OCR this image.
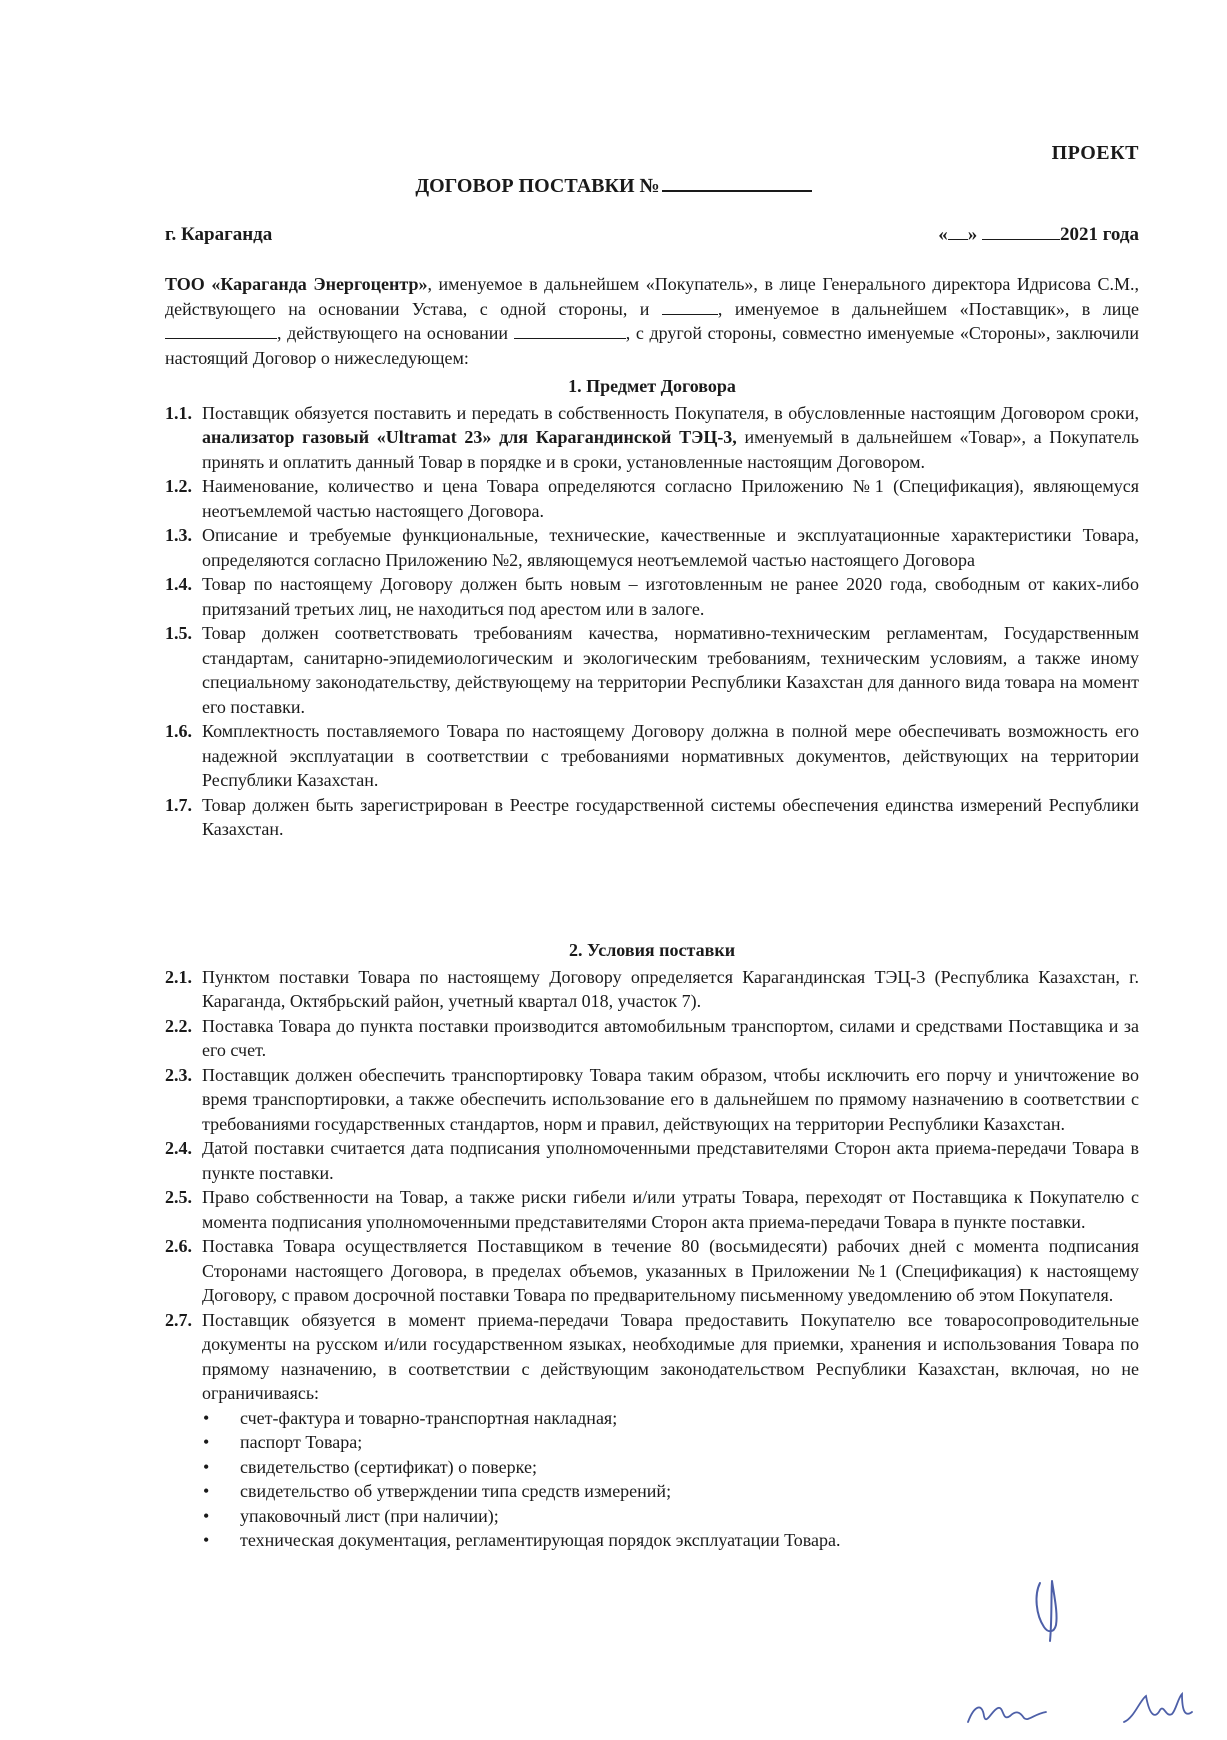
ПРОЕКТ
ДОГОВОР ПОСТАВКИ №
г. Караганда	« »	2021 года

ТОО «Караганда Энергоцентр», именуемое в дальнейшем «Покупатель», в лице Генерального директора Идрисова С.М., действующего на основании Устава, с одной стороны, и	, именуемое в дальнейшем «Поставщик», в лице , действующего на основании	, с другой стороны, совместно именуемые «Стороны», заключили настоящий Договор о нижеследующем:

1. Предмет Договора

1.1. Поставщик обязуется поставить и передать в собственность Покупателя, в обусловленные настоящим Договором сроки, анализатор газовый «Ultramat 23» для Карагандинской ТЭЦ-3, именуемый в дальнейшем «Товар», а Покупатель принять и оплатить данный Товар в порядке и в сроки, установленные настоящим Договором.

1.2. Наименование, количество и цена Товара определяются согласно Приложению №1 (Спецификация), являющемуся неотъемлемой частью настоящего Договора.

1.3. Описание и требуемые функциональные, технические, качественные и эксплуатационные характеристики Товара, определяются согласно Приложению №2, являющемуся неотъемлемой частью настоящего Договора

1.4. Товар по настоящему Договору должен быть новым – изготовленным не ранее 2020 года, свободным от каких-либо притязаний третьих лиц, не находиться под арестом или в залоге.

1.5. Товар должен соответствовать требованиям качества, нормативно-техническим регламентам, Государственным стандартам, санитарно-эпидемиологическим и экологическим требованиям, техническим условиям, а также иному специальному законодательству, действующему на территории Республики Казахстан для данного вида товара на момент его поставки.

1.6. Комплектность поставляемого Товара по настоящему Договору должна в полной мере обеспечивать возможность его надежной эксплуатации в соответствии с требованиями нормативных документов, действующих на территории Республики Казахстан.

1.7. Товар должен быть зарегистрирован в Реестре государственной системы обеспечения единства измерений Республики Казахстан.

2. Условия поставки

2.1. Пунктом поставки Товара по настоящему Договору определяется Карагандинская ТЭЦ-3 (Республика Казахстан, г. Караганда, Октябрьский район, учетный квартал 018, участок 7).

2.2. Поставка Товара до пункта поставки производится автомобильным транспортом, силами и средствами Поставщика и за его счет.

2.3. Поставщик должен обеспечить транспортировку Товара таким образом, чтобы исключить его порчу и уничтожение во время транспортировки, а также обеспечить использование его в дальнейшем по прямому назначению в соответствии с требованиями государственных стандартов, норм и правил, действующих на территории Республики Казахстан.

2.4. Датой поставки считается дата подписания уполномоченными представителями Сторон акта приема-передачи Товара в пункте поставки.

2.5. Право собственности на Товар, а также риски гибели и/или утраты Товара, переходят от Поставщика к Покупателю с момента подписания уполномоченными представителями Сторон акта приема-передачи Товара в пункте поставки.

2.6. Поставка Товара осуществляется Поставщиком в течение 80 (восьмидесяти) рабочих дней с момента подписания Сторонами настоящего Договора, в пределах объемов, указанных в Приложении №1 (Спецификация) к настоящему Договору, с правом досрочной поставки Товара по предварительному письменному уведомлению об этом Покупателя.

2.7. Поставщик обязуется в момент приема-передачи Товара предоставить Покупателю все товаросопроводительные документы на русском и/или государственном языках, необходимые для приемки, хранения и использования Товара по прямому назначению, в соответствии с действующим законодательством Республики Казахстан, включая, но не ограничиваясь:

• счет-фактура и товарно-транспортная накладная;
• паспорт Товара;
• свидетельство (сертификат) о поверке;
• свидетельство об утверждении типа средств измерений;
• упаковочный лист (при наличии);
• техническая документация, регламентирующая порядок эксплуатации Товара.
